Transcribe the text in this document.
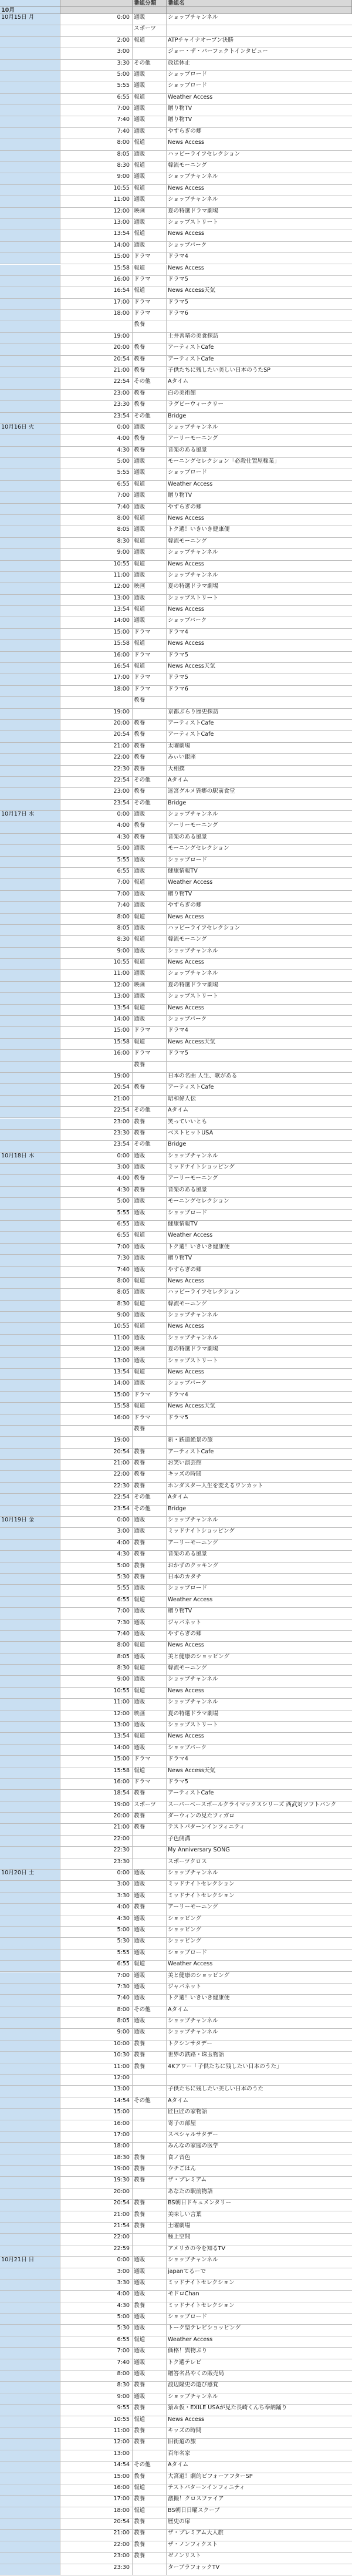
番組分類	番組名
10月
10月15日 月	0:00 通販	ショップチャンネル
スポーツ
2:00 報道	ATPチャイナオープン決勝
3:00	ジョー・ザ・パーフェクトインタビュー
3:30 その他	放送休止
5:00 通販	ショップロード
5:55 通販	ショップロード
6:55 報道	Weather Access
7:00 通販	贈り物TV
7:40 通販	贈り物TV
7:40 通販	やすらぎの郷
8:00 報道	News Access
8:05 通販	ハッピーライフセレクション
8:30 報道	韓流モーニング
9:00 通販	ショップチャンネル
10:55 報道	News Access
11:00 通販	ショップチャンネル
12:00 映画	夏の特選ドラマ劇場
13:00 通販	ショップストリート
13:54 報道	News Access
14:00 通販	ショップパーク
15:00 ドラマ	ドラマ4
15:58 報道	News Access
16:00 ドラマ	ドラマ5
16:54 報道	News Access天気
17:00 ドラマ	ドラマ5
18:00 ドラマ	ドラマ6
教養
19:00	土井善晴の美食探訪
20:00 教養	アーティストCafe
20:54 教養	アーティストCafe
21:00 教養	子供たちに残したい美しい日本のうたSP
22:54 その他	Aタイム
23:00 教養	白の美術館
23:30 教養	ラグビーウィークリー
23:54 その他	Bridge
10月16日 火	0:00 通販	ショップチャンネル
4:00 教養	アーリーモーニング
4:30 教養	音楽のある風景
5:00 通販	モーニングセレクション「必殺仕置屋稼業」
5:55 通販	ショップロード
6:55 報道	Weather Access
7:00 通販	贈り物TV
7:40 通販	やすらぎの郷
8:00 報道	News Access
8:05 通販	トク選！いきいき健康便
8:30 報道	韓流モーニング
9:00 通販	ショップチャンネル
10:55 報道	News Access
11:00 通販	ショップチャンネル
12:00 映画	夏の特選ドラマ劇場
13:00 通販	ショップストリート
13:54 報道	News Access
14:00 通販	ショップパーク
15:00 ドラマ	ドラマ4
15:58 報道	News Access
16:00 ドラマ	ドラマ5
16:54 報道	News Access天気
17:00 ドラマ	ドラマ5
18:00 ドラマ	ドラマ6
教養
19:00	京都ぶらり歴史探訪
20:00 教養	アーティストCafe
20:54 教養	アーティストCafe
21:00 教養	太曜劇場
22:00 教養	みぃい銀座
22:30 教養	大相撲
22:54 その他	Aタイム
23:00 教養	迷宮グルメ異郷の駅前食堂
23:54 その他	Bridge
10月17日 水	0:00 通販	ショップチャンネル
4:00 教養	アーリーモーニング
4:30 教養	音楽のある風景
5:00 通販	モーニングセレクション
5:55 通販	ショップロード
6:55 通販	健康情報TV
7:00 報道	Weather Access
7:00 通販	贈り物TV
7:40 通販	やすらぎの郷
8:00 報道	News Access
8:05 通販	ハッピーライフセレクション
8:30 報道	韓流モーニング
9:00 通販	ショップチャンネル
10:55 報道	News Access
11:00 通販	ショップチャンネル
12:00 映画	夏の特選ドラマ劇場
13:00 通販	ショップストリート
13:54 報道	News Access
14:00 通販	ショップパーク
15:00 ドラマ	ドラマ4
15:58 報道	News Access天気
16:00 ドラマ	ドラマ5
教養
19:00	日本の名曲 人生、歌がある
20:54 教養	アーティストCafe
21:00	昭和偉人伝
22:54 その他	Aタイム
23:00 教養	笑っていいとも
23:30 教養	ベストヒットUSA
23:54 その他	Bridge
10月18日 木	0:00 通販	ショップチャンネル
3:00 通販	ミッドナイトショッピング
4:00 教養	アーリーモーニング
4:30 教養	音楽のある風景
5:00 通販	モーニングセレクション
5:55 通販	ショップロード
6:55 通販	健康情報TV
6:55 報道	Weather Access
7:00 通販	トク選！いきいき健康便
7:30 通販	贈り物TV
7:40 通販	やすらぎの郷
8:00 報道	News Access
8:05 通販	ハッピーライフセレクション
8:30 報道	韓流モーニング
9:00 通販	ショップチャンネル
10:55 報道	News Access
11:00 通販	ショップチャンネル
12:00 映画	夏の特選ドラマ劇場
13:00 通販	ショップストリート
13:54 報道	News Access
14:00 通販	ショップパーク
15:00 ドラマ	ドラマ4
15:58 報道	News Access天気
16:00 ドラマ	ドラマ5
教養
19:00	新・鉄道絶景の旅
20:54 教養	アーティストCafe
21:00 教養	お笑い演芸館
22:00 教養	キッズの時間
22:30 教養	ホンダスター人生を変えるワンカット
22:54 その他	Aタイム
23:54 その他	Bridge
10月19日 金	0:00 通販	ショップチャンネル
3:00 通販	ミッドナイトショッピング
4:00 教養	アーリーモーニング
4:30 教養	音楽のある風景
5:00 教養	おかずのクッキング
5:30 教養	日本のカタチ
5:55 通販	ショップロード
6:55 報道	Weather Access
7:00 通販	贈り物TV
7:30 通販	ジャパネット
7:40 通販	やすらぎの郷
8:00 報道	News Access
8:05 通販	美と健康のショッピング
8:30 報道	韓流モーニング
9:00 通販	ショップチャンネル
10:55 報道	News Access
11:00 通販	ショップチャンネル
12:00 映画	夏の特選ドラマ劇場
13:00 通販	ショップストリート
13:54 報道	News Access
14:00 通販	ショップパーク
15:00 ドラマ	ドラマ4
15:58 報道	News Access天気
16:00 ドラマ	ドラマ5
18:54 教養	アーティストCafe
19:00 スポーツ	スーパーベースボールクライマックスシリーズ 西武対ソフトバンク
20:00 教養	ダーウィンの見たフィガロ
21:00 教養	テストパターンインフィニティ
22:00	子色側溝
22:30	My Anniversary SONG
23:30	スポーツクロス
10月20日 土	0:00 通販	ショップチャンネル
3:00 通販	ミッドナイトセレクション
3:30 通販	ミッドナイトセレクション
4:00 教養	アーリーモーニング
4:30 通販	ショッピング
5:00 通販	ショッピング
5:30 通販	ショッピング
5:55 通販	ショップロード
6:55 報道	Weather Access
7:00 通販	美と健康のショッピング
7:30 通販	ジャパネット
7:40 通販	トク選！いきいき健康便
8:00 その他	Aタイム
8:05 通販	ショップチャンネル
9:00 通販	ショップチャンネル
10:00 教養	トクシンサタデー
10:30 教養	世界の鉄路・珠玉物語
11:00 教養	4Kアワー「子供たちに残したい日本のうた」
12:00
13:00	子供たちに残したい美しい日本のうた
14:54 その他	Aタイム
15:00	匠巨匠の家物語
16:00	寄子の部屋
17:00	スペシャルサタデー
18:00	みんなの家庭の医学
18:30 教養	食ノ音色
19:00 教養	ウチごはん
19:30 教養	ザ・プレミアム
20:00	あなたの駅前物語
20:54 教養	BS朝日ドキュメンタリー
21:00 教養	美味しい言葉
21:54 教養	土曜劇場
22:00	極上空間
22:59	アメリカの今を知るTV
10月21日 日	0:00 通販	ショップチャンネル
3:00 通販	japanてるーで
3:30 通販	ミッドナイトセレクション
4:00 通販	モドロChan
4:30 教養	ミッドナイトセレクション
5:00 通販	ショップロード
5:30 通販	トーク型テレビショッピング
6:55 報道	Weather Access
7:00 通販	価格！異物ぷり
7:40 通販	トク選テレビ
8:00 通販	贈答名品やくの販売局
8:30 教養	渡辺隆史の遊び感覚
9:00 通販	ショップチャンネル
9:55 教養	猿＆仮・EXILE USAが見た長崎くんち奉納踊り
10:55 報道	News Access
11:00 教養	キッズの時間
12:00 教養	旧街道の旅
13:00	百年名家
14:54 その他	Aタイム
15:00 教養	大宮道！劇的ビフォーアフターSP
16:00 報道	テストパターンインフィニティ
17:00 教養	激撮！クロスファイア
18:00 報道	BS朝日日曜スクープ
20:54 教養	歴史の扉
21:00 教養	ザ・プレミアム大人旅
22:00 教養	ザ・ノンフィクスト
23:00 教養	ゼノンリスト
23:30	ターブラフォックTV
